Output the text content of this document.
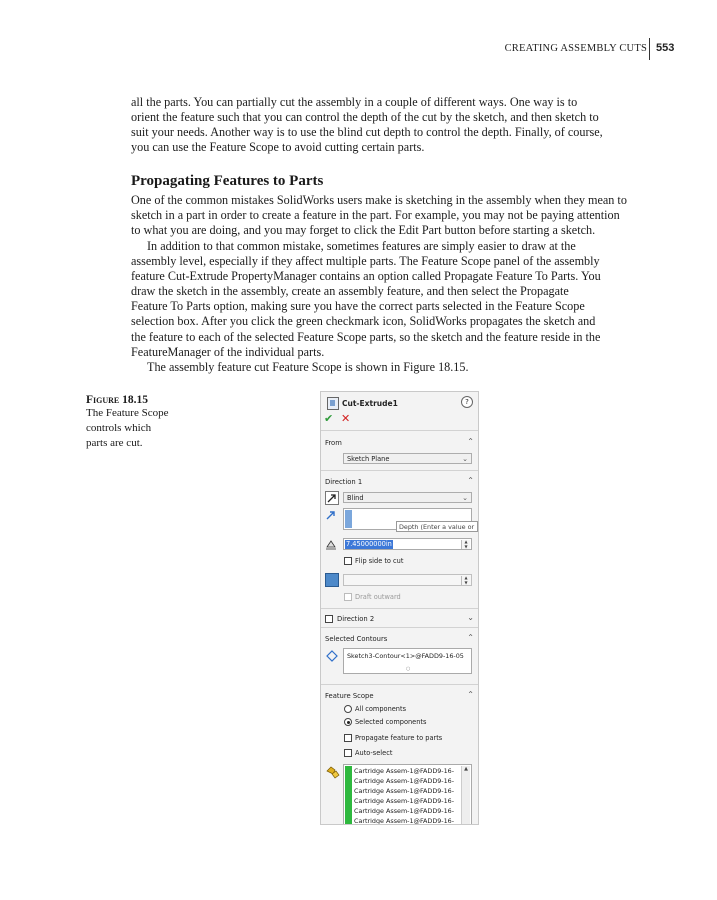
CREATING ASSEMBLY CUTS 553
all the parts. You can partially cut the assembly in a couple of different ways. One way is to
orient the feature such that you can control the depth of the cut by the sketch, and then sketch to
suit your needs. Another way is to use the blind cut depth to control the depth. Finally, of course,
you can use the Feature Scope to avoid cutting certain parts.
Propagating Features to Parts
One of the common mistakes SolidWorks users make is sketching in the assembly when they mean to
sketch in a part in order to create a feature in the part. For example, you may not be paying attention
to what you are doing, and you may forget to click the Edit Part button before starting a sketch.
In addition to that common mistake, sometimes features are simply easier to draw at the
assembly level, especially if they affect multiple parts. The Feature Scope panel of the assembly
feature Cut-Extrude PropertyManager contains an option called Propagate Feature To Parts. You
draw the sketch in the assembly, create an assembly feature, and then select the Propagate
Feature To Parts option, making sure you have the correct parts selected in the Feature Scope
selection box. After you click the green checkmark icon, SolidWorks propagates the sketch and
the feature to each of the selected Feature Scope parts, so the sketch and the feature reside in the
FeatureManager of the individual parts.
The assembly feature cut Feature Scope is shown in Figure 18.15.
Figure 18.15
The Feature Scope
controls which
parts are cut.
Cut-Extrude1	?
✔ ✕
From	⌃
Sketch Plane	⌄
Direction 1	⌃
Blind	⌄
Depth (Enter a value or
7.45000000in	▲
▼
Flip side to cut
▲
▼
Draft outward
Direction 2	⌄
Selected Contours	⌃
Sketch3-Contour<1>@FADD9-16-05
○
Feature Scope	⌃
All components
Selected components
Propagate feature to parts
Auto-select
Cartridge Assem-1@FADD9-16-
Cartridge Assem-1@FADD9-16-
Cartridge Assem-1@FADD9-16-
Cartridge Assem-1@FADD9-16-
Cartridge Assem-1@FADD9-16-
Cartridge Assem-1@FADD9-16-
▲
